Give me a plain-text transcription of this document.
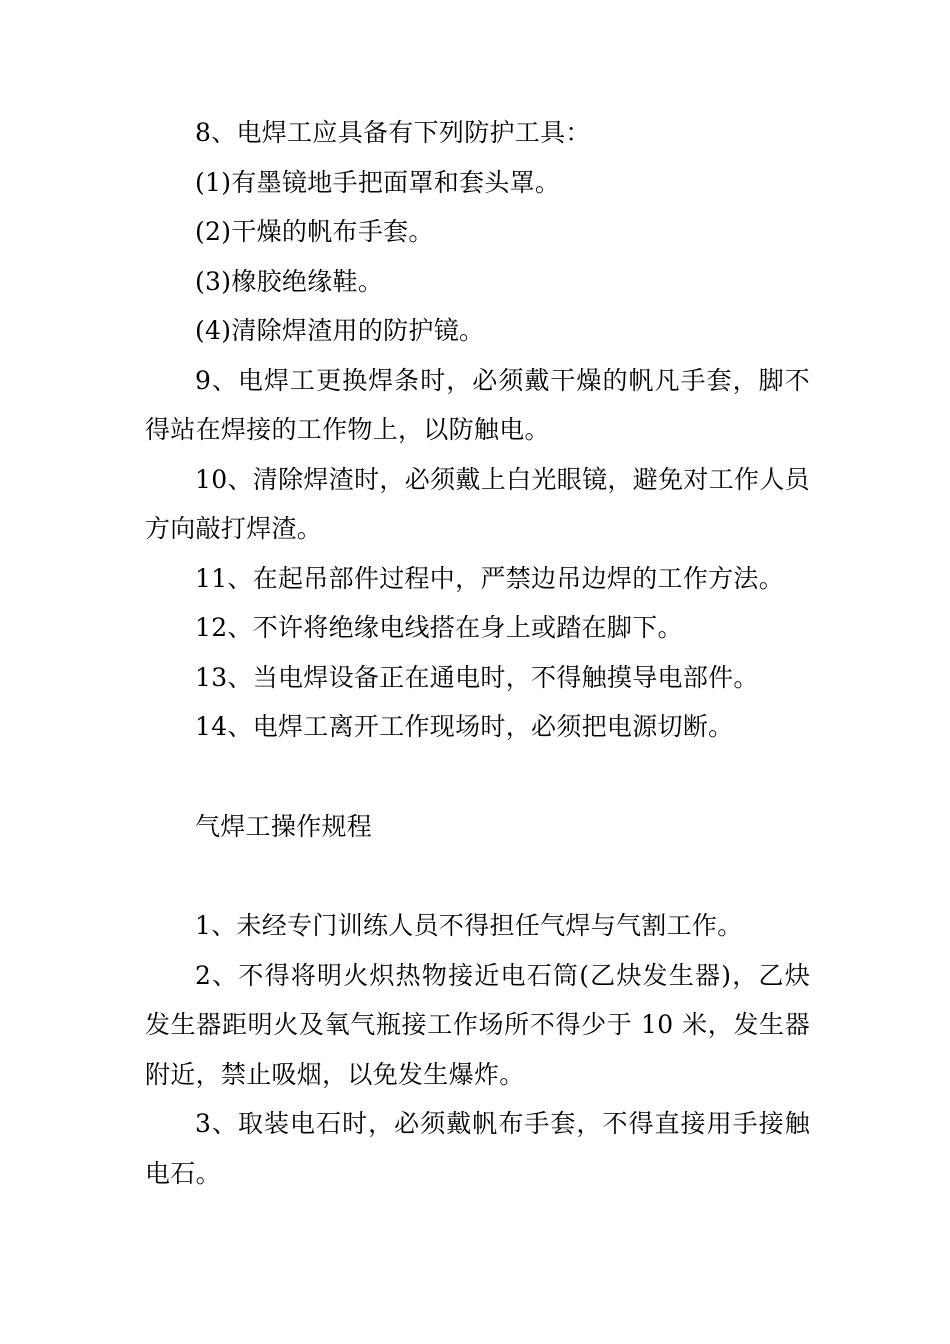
8、电焊工应具备有下列防护工具：

(1)有墨镜地手把面罩和套头罩。

(2)干燥的帆布手套。

(3)橡胶绝缘鞋。

(4)清除焊渣用的防护镜。

9、电焊工更换焊条时，必须戴干燥的帆凡手套，脚不得站在焊接的工作物上，以防触电。

10、清除焊渣时，必须戴上白光眼镜，避免对工作人员方向敲打焊渣。

11、在起吊部件过程中，严禁边吊边焊的工作方法。

12、不许将绝缘电线搭在身上或踏在脚下。

13、当电焊设备正在通电时，不得触摸导电部件。

14、电焊工离开工作现场时，必须把电源切断。

气焊工操作规程

1、未经专门训练人员不得担任气焊与气割工作。

2、不得将明火炽热物接近电石筒(乙炔发生器)，乙炔发生器距明火及氧气瓶接工作场所不得少于 10 米，发生器附近，禁止吸烟，以免发生爆炸。

3、取装电石时，必须戴帆布手套，不得直接用手接触电石。
